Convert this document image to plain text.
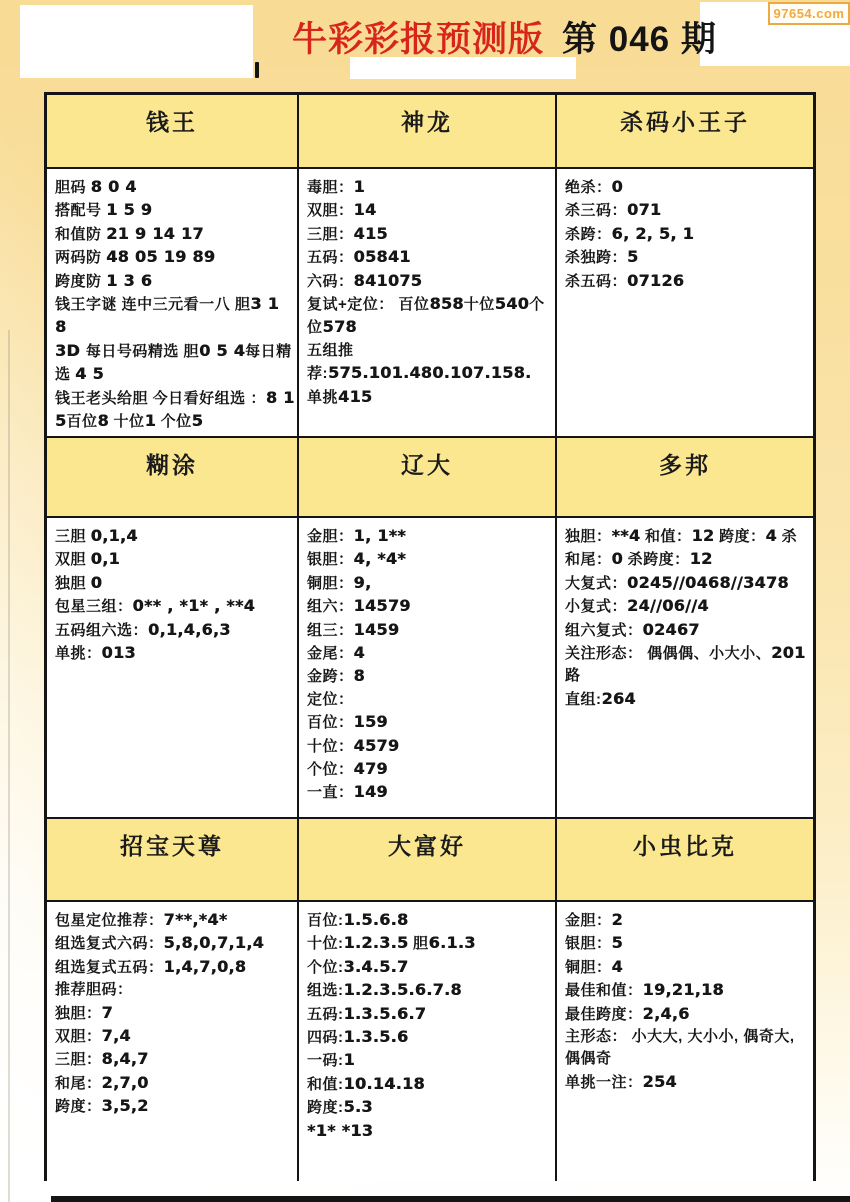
牛彩彩报预测版 第 046 期
97654.com
钱王	神龙	杀码小王子
胆码 8 0 4
搭配号 1 5 9
和值防 21 9 14 17
两码防 48 05 19 89
跨度防 1 3 6
钱王字谜 连中三元看一八 胆3 1 8
3D 每日号码精选 胆0 5 4每日精选 4 5
钱王老头给胆 今日看好组选 ：8 1 5百位8 十位1 个位5
毒胆：1
双胆：14
三胆：415
五码：05841
六码：841075
复试+定位： 百位858十位540个位578
五组推荐:575.101.480.107.158.
单挑415
绝杀：0
杀三码：071
杀跨：6, 2, 5, 1
杀独跨：5
杀五码：07126
糊涂	辽大	多邦
三胆 0,1,4
双胆 0,1
独胆 0
包星三组：0** , *1* , **4
五码组六选：0,1,4,6,3
单挑：013
金胆：1, 1**
银胆：4, *4*
铜胆：9,
组六：14579
组三：1459
金尾：4
金跨：8
定位：
百位：159
十位：4579
个位：479
一直：149
独胆：**4 和值：12 跨度：4 杀和尾：0 杀跨度：12
大复式：0245//0468//3478
小复式：24//06//4
组六复式：02467
关注形态： 偶偶偶、小大小、201路
直组:264
招宝天尊	大富好	小虫比克
包星定位推荐：7**,*4*
组选复式六码：5,8,0,7,1,4
组选复式五码：1,4,7,0,8
推荐胆码：
独胆：7
双胆：7,4
三胆：8,4,7
和尾：2,7,0
跨度：3,5,2
百位:1.5.6.8
十位:1.2.3.5 胆6.1.3
个位:3.4.5.7
组选:1.2.3.5.6.7.8
五码:1.3.5.6.7
四码:1.3.5.6
一码:1
和值:10.14.18
跨度:5.3
*1* *13
金胆：2
银胆：5
铜胆：4
最佳和值：19,21,18
最佳跨度：2,4,6
主形态： 小大大, 大小小, 偶奇大, 偶偶奇
单挑一注：254
